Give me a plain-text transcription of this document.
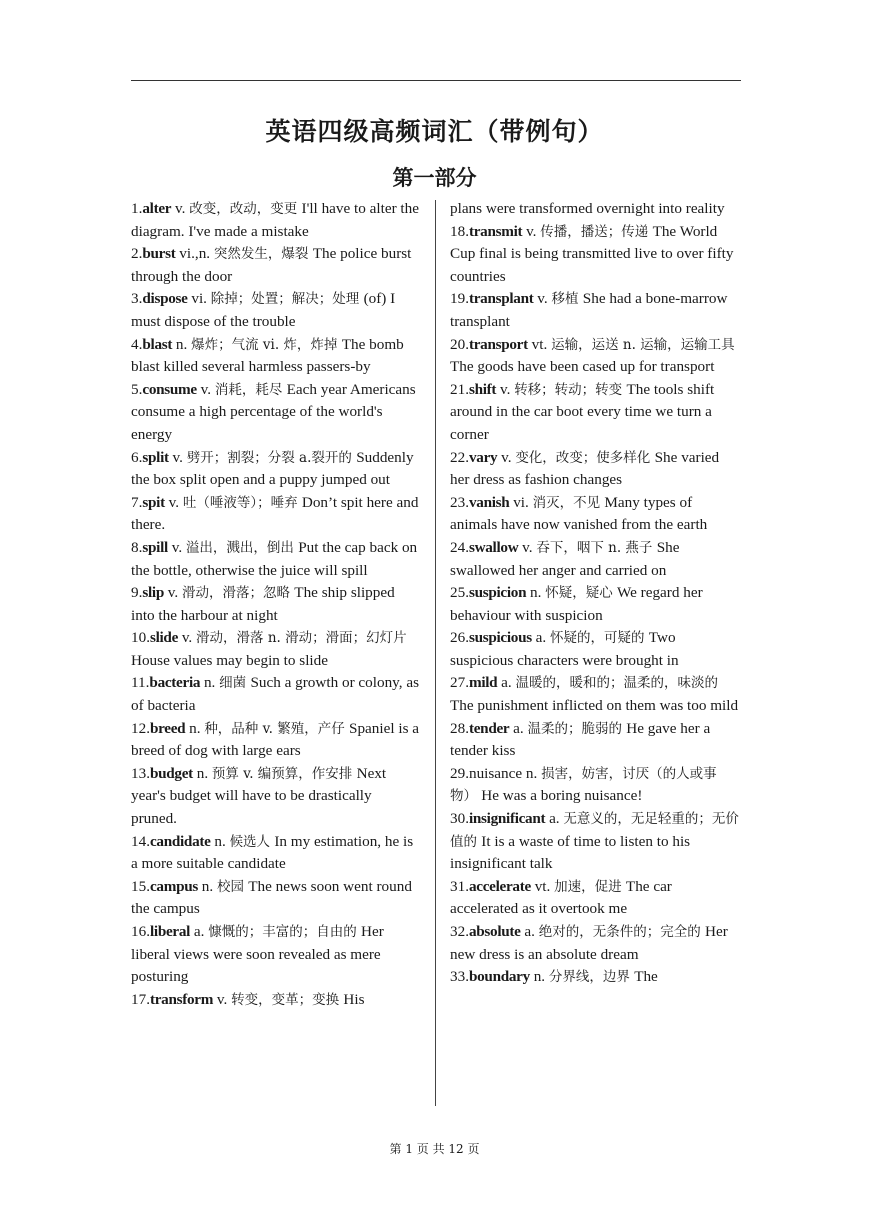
英语四级高频词汇（带例句）
第一部分
1.alter v. 改变，改动，变更 I'll have to alter the diagram. I've made a mistake
2.burst vi.,n. 突然发生，爆裂 The police burst through the door
3.dispose vi. 除掉；处置；解决；处理 (of) I must dispose of the trouble
4.blast n. 爆炸；气流 vi. 炸，炸掉 The bomb blast killed several harmless passers-by
5.consume v. 消耗，耗尽 Each year Americans consume a high percentage of the world's energy
6.split v. 劈开；割裂；分裂 a.裂开的 Suddenly the box split open and a puppy jumped out
7.spit v. 吐（唾液等）；唾弃 Don’t spit here and there.
8.spill v. 溢出，溅出，倒出 Put the cap back on the bottle, otherwise the juice will spill
9.slip v. 滑动，滑落；忽略 The ship slipped into the harbour at night
10.slide v. 滑动，滑落 n. 滑动；滑面；幻灯片 House values may begin to slide
11.bacteria n. 细菌 Such a growth or colony, as of bacteria
12.breed n. 种，品种 v. 繁殖，产仔 Spaniel is a breed of dog with large ears
13.budget n. 预算 v. 编预算，作安排 Next year's budget will have to be drastically pruned.
14.candidate n. 候选人 In my estimation, he is a more suitable candidate
15.campus n. 校园 The news soon went round the campus
16.liberal a. 慷慨的；丰富的；自由的 Her liberal views were soon revealed as mere posturing
17.transform v. 转变，变革；变换 His
plans were transformed overnight into reality
18.transmit v. 传播，播送；传递 The World Cup final is being transmitted live to over fifty countries
19.transplant v. 移植 She had a bone-marrow transplant
20.transport vt. 运输，运送 n. 运输，运输工具 The goods have been cased up for transport
21.shift v. 转移；转动；转变 The tools shift around in the car boot every time we turn a corner
22.vary v. 变化，改变；使多样化 She varied her dress as fashion changes
23.vanish vi. 消灭，不见 Many types of animals have now vanished from the earth
24.swallow v. 吞下，咽下 n. 燕子 She swallowed her anger and carried on
25.suspicion n. 怀疑，疑心 We regard her behaviour with suspicion
26.suspicious a. 怀疑的，可疑的 Two suspicious characters were brought in
27.mild a. 温暖的，暖和的；温柔的，味淡的 The punishment inflicted on them was too mild
28.tender a. 温柔的；脆弱的 He gave her a tender kiss
29.nuisance n. 损害，妨害，讨厌（的人或事物） He was a boring nuisance!
30.insignificant a. 无意义的，无足轻重的；无价值的 It is a waste of time to listen to his insignificant talk
31.accelerate vt. 加速，促进 The car accelerated as it overtook me
32.absolute a. 绝对的，无条件的；完全的 Her new dress is an absolute dream
33.boundary n. 分界线，边界 The
第 1 页 共 12 页
